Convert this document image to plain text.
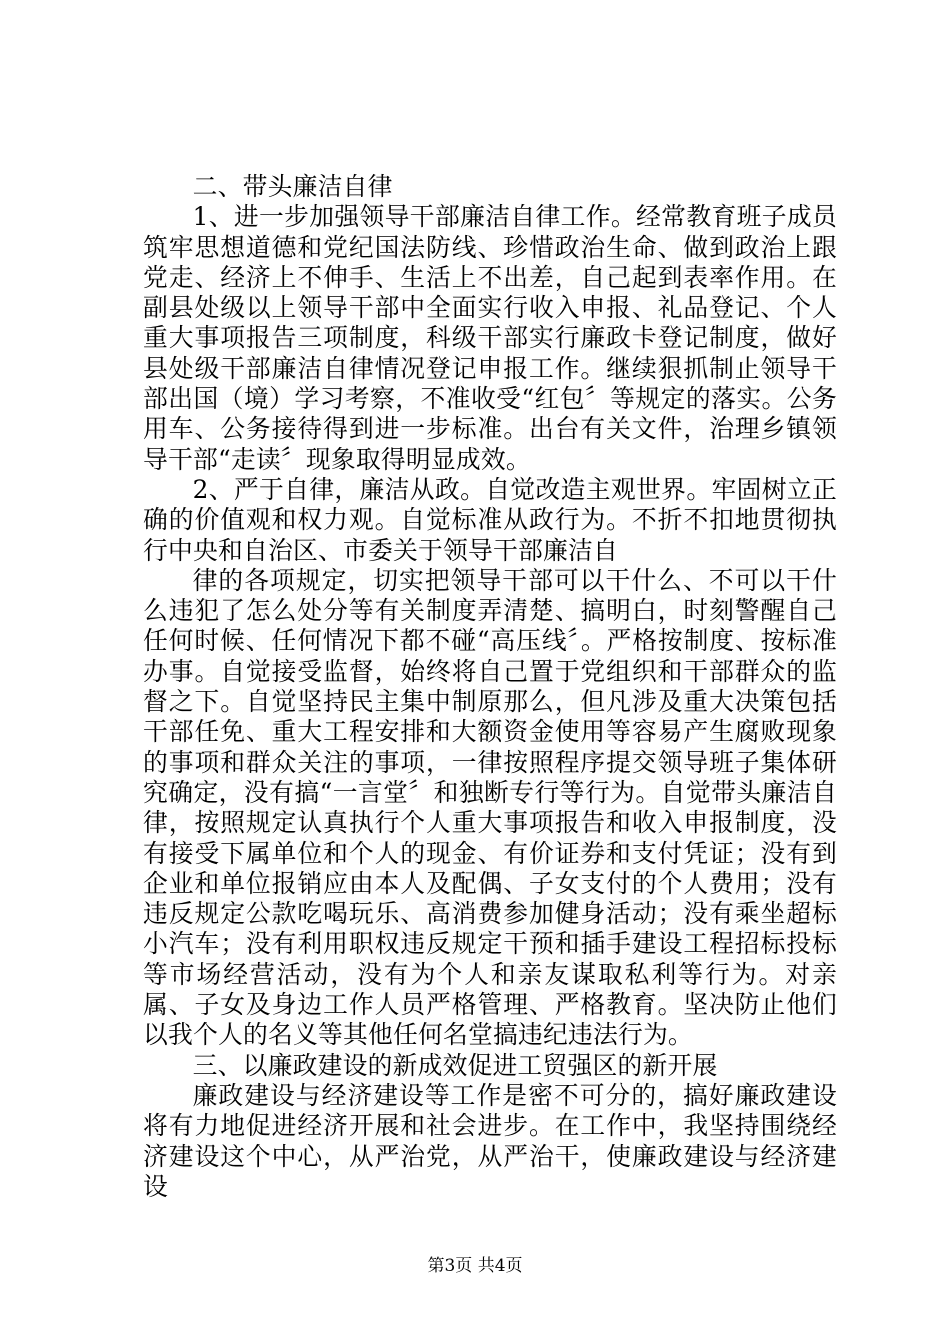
二、带头廉洁自律

1、进一步加强领导干部廉洁自律工作。经常教育班子成员筑牢思想道德和党纪国法防线、珍惜政治生命、做到政治上跟党走、经济上不伸手、生活上不出差，自己起到表率作用。在副县处级以上领导干部中全面实行收入申报、礼品登记、个人重大事项报告三项制度，科级干部实行廉政卡登记制度，做好县处级干部廉洁自律情况登记申报工作。继续狠抓制止领导干部出国（境）学习考察，不准收受“红包〞等规定的落实。公务用车、公务接待得到进一步标准。出台有关文件，治理乡镇领导干部“走读〞现象取得明显成效。

2、严于自律，廉洁从政。自觉改造主观世界。牢固树立正确的价值观和权力观。自觉标准从政行为。不折不扣地贯彻执行中央和自治区、市委关于领导干部廉洁自

律的各项规定，切实把领导干部可以干什么、不可以干什么违犯了怎么处分等有关制度弄清楚、搞明白，时刻警醒自己任何时候、任何情况下都不碰“高压线〞。严格按制度、按标准办事。自觉接受监督，始终将自己置于党组织和干部群众的监督之下。自觉坚持民主集中制原那么，但凡涉及重大决策包括干部任免、重大工程安排和大额资金使用等容易产生腐败现象的事项和群众关注的事项，一律按照程序提交领导班子集体研究确定，没有搞“一言堂〞和独断专行等行为。自觉带头廉洁自律，按照规定认真执行个人重大事项报告和收入申报制度，没有接受下属单位和个人的现金、有价证券和支付凭证；没有到企业和单位报销应由本人及配偶、子女支付的个人费用；没有违反规定公款吃喝玩乐、高消费参加健身活动；没有乘坐超标小汽车；没有利用职权违反规定干预和插手建设工程招标投标等市场经营活动，没有为个人和亲友谋取私利等行为。对亲属、子女及身边工作人员严格管理、严格教育。坚决防止他们以我个人的名义等其他任何名堂搞违纪违法行为。

三、以廉政建设的新成效促进工贸强区的新开展

廉政建设与经济建设等工作是密不可分的，搞好廉政建设将有力地促进经济开展和社会进步。在工作中，我坚持围绕经济建设这个中心，从严治党，从严治干，使廉政建设与经济建设

第3页 共4页
